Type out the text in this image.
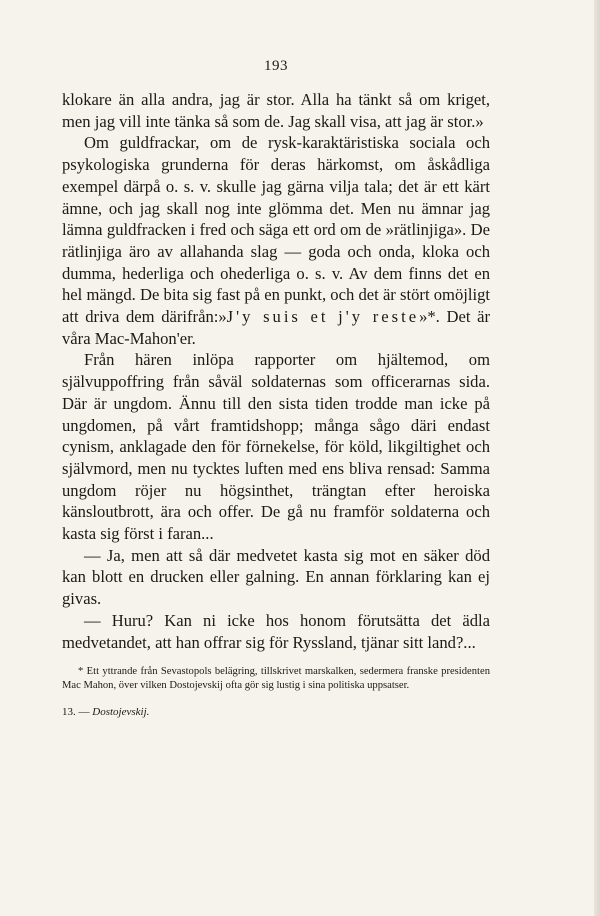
193

klokare än alla andra, jag är stor. Alla ha tänkt så om kriget, men jag vill inte tänka så som de. Jag skall visa, att jag är stor.»

Om guldfrackar, om de rysk-karaktäristiska sociala och psykologiska grunderna för deras härkomst, om åskådliga exempel därpå o. s. v. skulle jag gärna vilja tala; det är ett kärt ämne, och jag skall nog inte glömma det. Men nu ämnar jag lämna guldfracken i fred och säga ett ord om de »rätlinjiga». De rätlinjiga äro av allahanda slag — goda och onda, kloka och dumma, hederliga och ohederliga o. s. v. Av dem finns det en hel mängd. De bita sig fast på en punkt, och det är stört omöjligt att driva dem därifrån:»J'y suis et j'y reste»*. Det är våra Mac-Mahon'er.

Från hären inlöpa rapporter om hjältemod, om självuppoffring från såväl soldaternas som officerarnas sida. Där är ungdom. Ännu till den sista tiden trodde man icke på ungdomen, på vårt framtidshopp; många sågo däri endast cynism, anklagade den för förnekelse, för köld, likgiltighet och självmord, men nu tycktes luften med ens bliva rensad: Samma ungdom röjer nu högsinthet, trängtan efter heroiska känsloutbrott, ära och offer. De gå nu framför soldaterna och kasta sig först i faran...

— Ja, men att så där medvetet kasta sig mot en säker död kan blott en drucken eller galning. En annan förklaring kan ej givas.

— Huru? Kan ni icke hos honom förutsätta det ädla medvetandet, att han offrar sig för Ryssland, tjänar sitt land?...

* Ett yttrande från Sevastopols belägring, tillskrivet marskalken, sedermera franske presidenten Mac Mahon, över vilken Dostojevskij ofta gör sig lustig i sina politiska uppsatser.

13. — Dostojevskij.
